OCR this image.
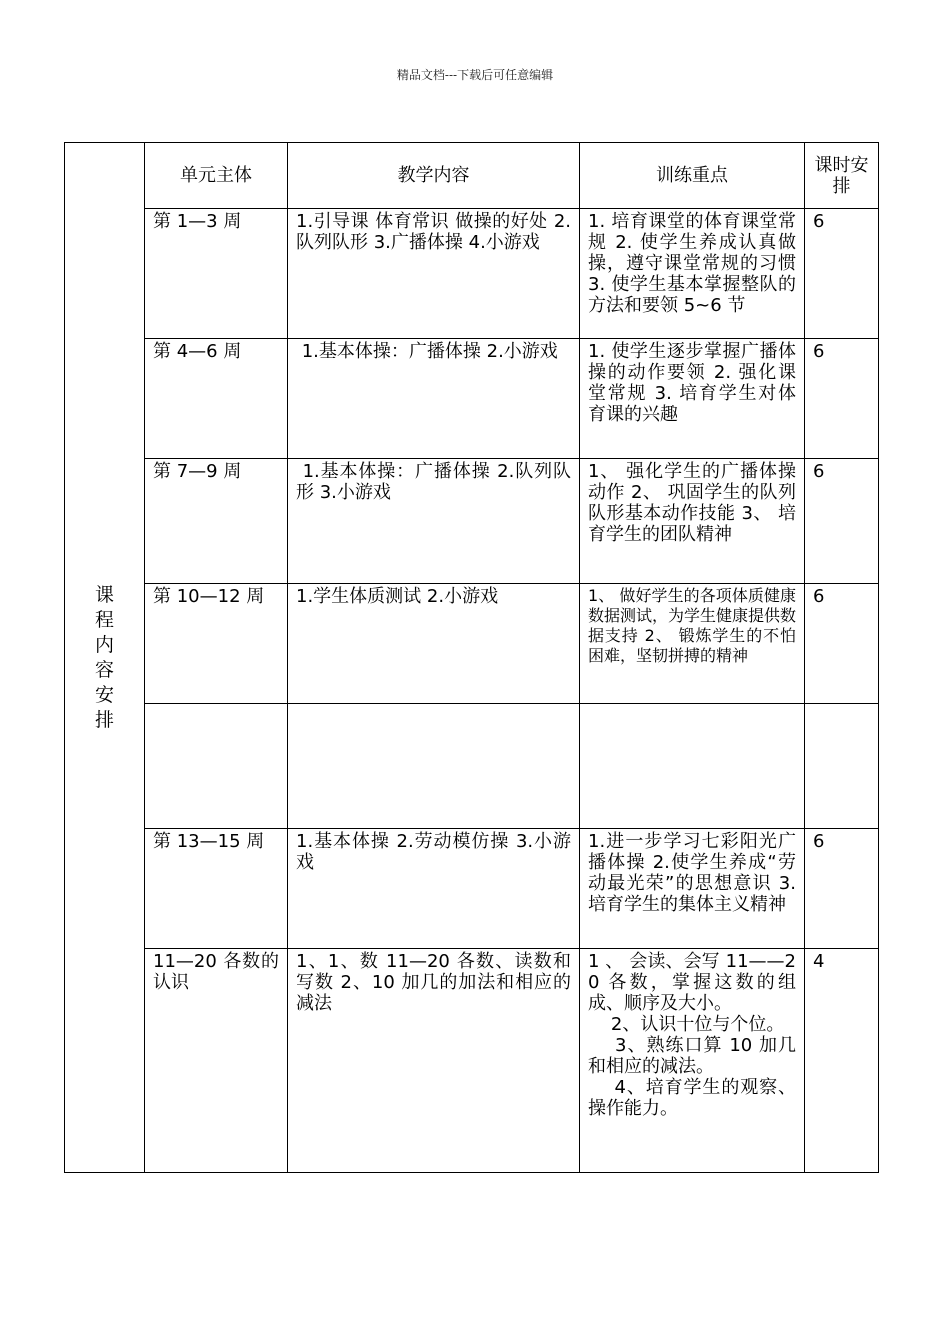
精品文档---下载后可任意编辑
课程内容安排	单元主体	教学内容	训练重点	课时安排

	第 1—3 周	1.引导课 体育常识 做操的好处 2.队列队形 3.广播体操 4.小游戏	1. 培育课堂的体育课堂常规 2. 使学生养成认真做操，遵守课堂常规的习惯 3. 使学生基本掌握整队的方法和要领 5~6 节	6

	第 4—6 周	1.基本体操：广播体操 2.小游戏	1. 使学生逐步掌握广播体操的动作要领 2. 强化课堂常规 3. 培育学生对体育课的兴趣	6

	第 7—9 周	1.基本体操：广播体操 2.队列队形 3.小游戏	1、 强化学生的广播体操动作 2、 巩固学生的队列队形基本动作技能 3、 培育学生的团队精神	6

	第 10—12 周	1.学生体质测试 2.小游戏	1、 做好学生的各项体质健康数据测试，为学生健康提供数据支持 2、 锻炼学生的不怕困难，坚韧拼搏的精神	6

	第 13—15 周	1.基本体操 2.劳动模仿操 3.小游戏	1.进一步学习七彩阳光广播体操 2.使学生养成“劳动最光荣”的思想意识 3.培育学生的集体主义精神	6

	11—20 各数的认识	1、1、数 11—20 各数、读数和写数 2、10 加几的加法和相应的减法	1 、 会读、会写 11——20 各数，掌握这数的组成、顺序及大小。
2、认识十位与个位。
3、熟练口算 10 加几和相应的减法。
4、培育学生的观察、操作能力。	4
